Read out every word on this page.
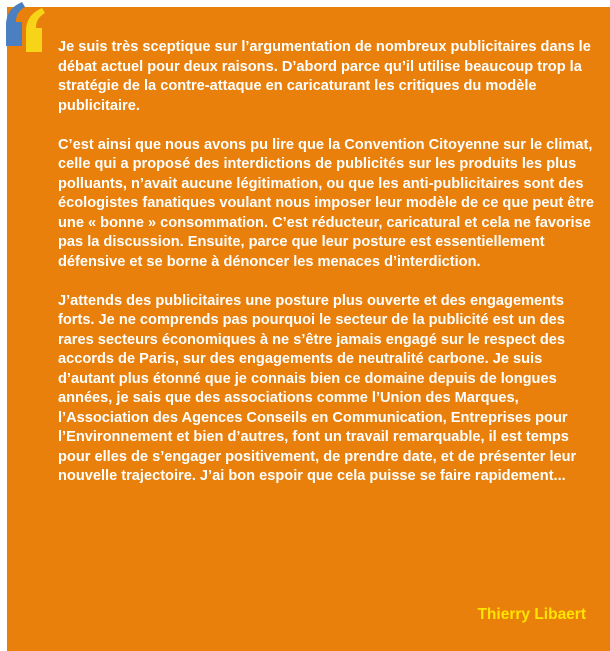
Je suis très sceptique sur l’argumentation de nombreux publicitaires dans le débat actuel pour deux raisons. D’abord parce qu’il utilise beaucoup trop la stratégie de la contre-attaque en caricaturant les critiques du modèle publicitaire.

C’est ainsi que nous avons pu lire que la Convention Citoyenne sur le climat, celle qui a proposé des interdictions de publicités sur les produits les plus polluants, n’avait aucune légitimation, ou que les anti-publicitaires sont des écologistes fanatiques voulant nous imposer leur modèle de ce que peut être une « bonne » consommation. C’est réducteur, caricatural et cela ne favorise pas la discussion. Ensuite, parce que leur posture est essentiellement défensive et se borne à dénoncer les menaces d’interdiction.

J’attends des publicitaires une posture plus ouverte et des engagements forts. Je ne comprends pas pourquoi le secteur de la publicité est un des rares secteurs économiques à ne s’être jamais engagé sur le respect des accords de Paris, sur des engagements de neutralité carbone. Je suis d’autant plus étonné que je connais bien ce domaine depuis de longues années, je sais que des associations comme l’Union des Marques, l’Association des Agences Conseils en Communication, Entreprises pour l’Environnement et bien d’autres, font un travail remarquable, il est temps pour elles de s’engager positivement, de prendre date, et de présenter leur nouvelle trajectoire. J’ai bon espoir que cela puisse se faire rapidement...

Thierry Libaert
